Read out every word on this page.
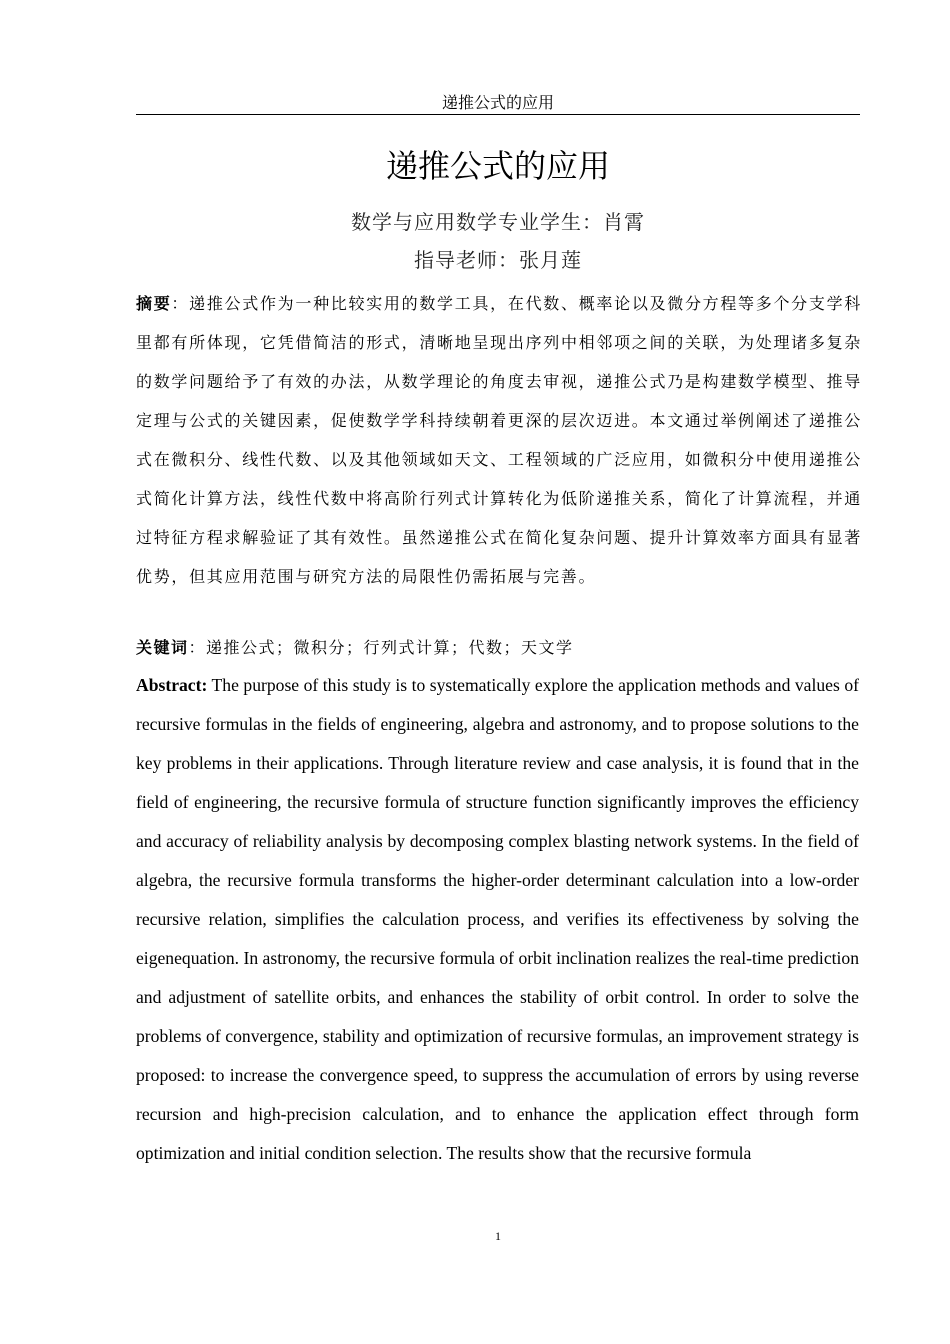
递推公式的应用
递推公式的应用
数学与应用数学专业学生：肖霄
指导老师：张月莲
摘要：递推公式作为一种比较实用的数学工具，在代数、概率论以及微分方程等多个分支学科里都有所体现，它凭借简洁的形式，清晰地呈现出序列中相邻项之间的关联，为处理诸多复杂的数学问题给予了有效的办法，从数学理论的角度去审视，递推公式乃是构建数学模型、推导定理与公式的关键因素，促使数学学科持续朝着更深的层次迈进。本文通过举例阐述了递推公式在微积分、线性代数、以及其他领域如天文、工程领域的广泛应用，如微积分中使用递推公式简化计算方法，线性代数中将高阶行列式计算转化为低阶递推关系，简化了计算流程，并通过特征方程求解验证了其有效性。虽然递推公式在简化复杂问题、提升计算效率方面具有显著优势，但其应用范围与研究方法的局限性仍需拓展与完善。
关键词：递推公式；微积分；行列式计算；代数；天文学
Abstract: The purpose of this study is to systematically explore the application methods and values of recursive formulas in the fields of engineering, algebra and astronomy, and to propose solutions to the key problems in their applications. Through literature review and case analysis, it is found that in the field of engineering, the recursive formula of structure function significantly improves the efficiency and accuracy of reliability analysis by decomposing complex blasting network systems. In the field of algebra, the recursive formula transforms the higher-order determinant calculation into a low-order recursive relation, simplifies the calculation process, and verifies its effectiveness by solving the eigenequation. In astronomy, the recursive formula of orbit inclination realizes the real-time prediction and adjustment of satellite orbits, and enhances the stability of orbit control. In order to solve the problems of convergence, stability and optimization of recursive formulas, an improvement strategy is proposed: to increase the convergence speed, to suppress the accumulation of errors by using reverse recursion and high-precision calculation, and to enhance the application effect through form optimization and initial condition selection. The results show that the recursive formula
1
